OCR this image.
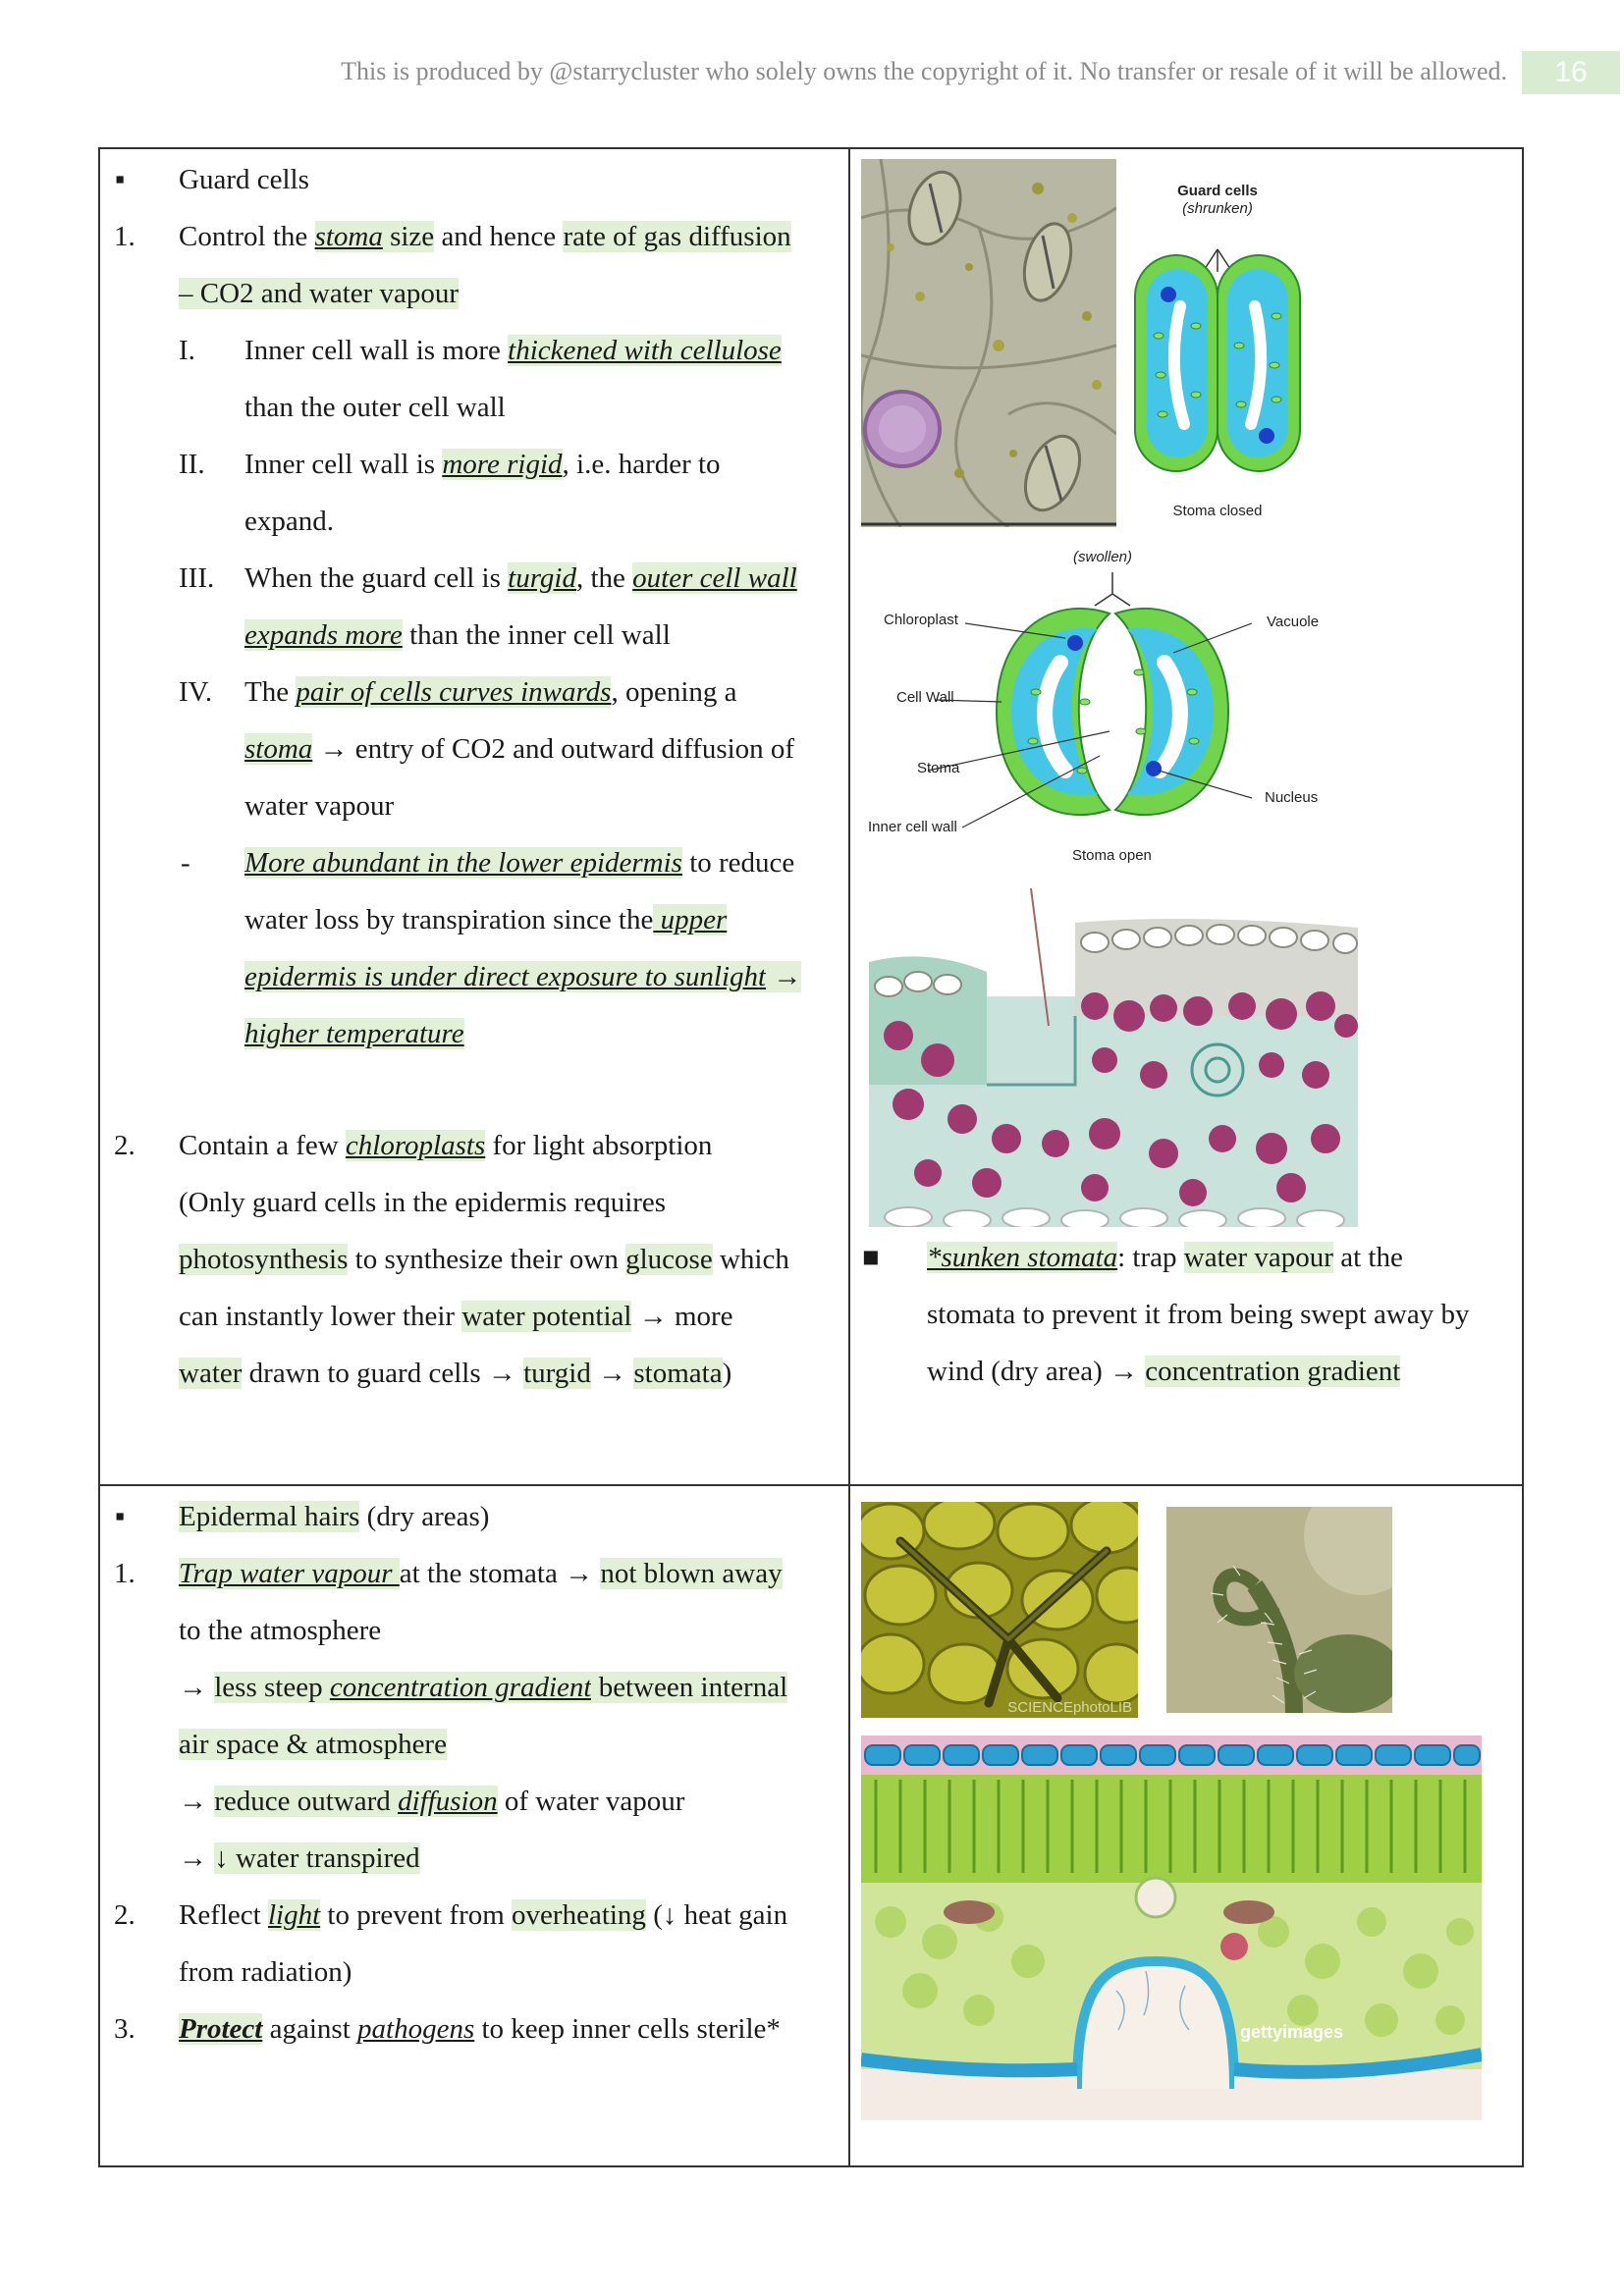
This is produced by @starrycluster who solely owns the copyright of it. No transfer or resale of it will be allowed.	16
▪ Guard cells
1. Control the stoma size and hence rate of gas diffusion
– CO2 and water vapour
I. Inner cell wall is more thickened with cellulose
than the outer cell wall
II. Inner cell wall is more rigid, i.e. harder to
expand.
III. When the guard cell is turgid, the outer cell wall
expands more than the inner cell wall
IV. The pair of cells curves inwards, opening a
stoma → entry of CO2 and outward diffusion of
water vapour
- More abundant in the lower epidermis to reduce
water loss by transpiration since the upper
epidermis is under direct exposure to sunlight →
higher temperature
2. Contain a few chloroplasts for light absorption
(Only guard cells in the epidermis requires
photosynthesis to synthesize their own glucose which
can instantly lower their water potential → more
water drawn to guard cells → turgid → stomata)
Guard cells
(shrunken)
Stoma closed
(swollen)
Chloroplast
Cell Wall
Stoma
Inner cell wall
Vacuole
Nucleus
Stoma open
■ *sunken stomata: trap water vapour at the
stomata to prevent it from being swept away by
wind (dry area) → concentration gradient
▪ Epidermal hairs (dry areas)
1. Trap water vapour at the stomata → not blown away
to the atmosphere
→ less steep concentration gradient between internal
air space & atmosphere
→ reduce outward diffusion of water vapour
→ ↓ water transpired
2. Reflect light to prevent from overheating (↓ heat gain
from radiation)
3. Protect against pathogens to keep inner cells sterile*
SCIENCEphotoLIB
gettyimages
